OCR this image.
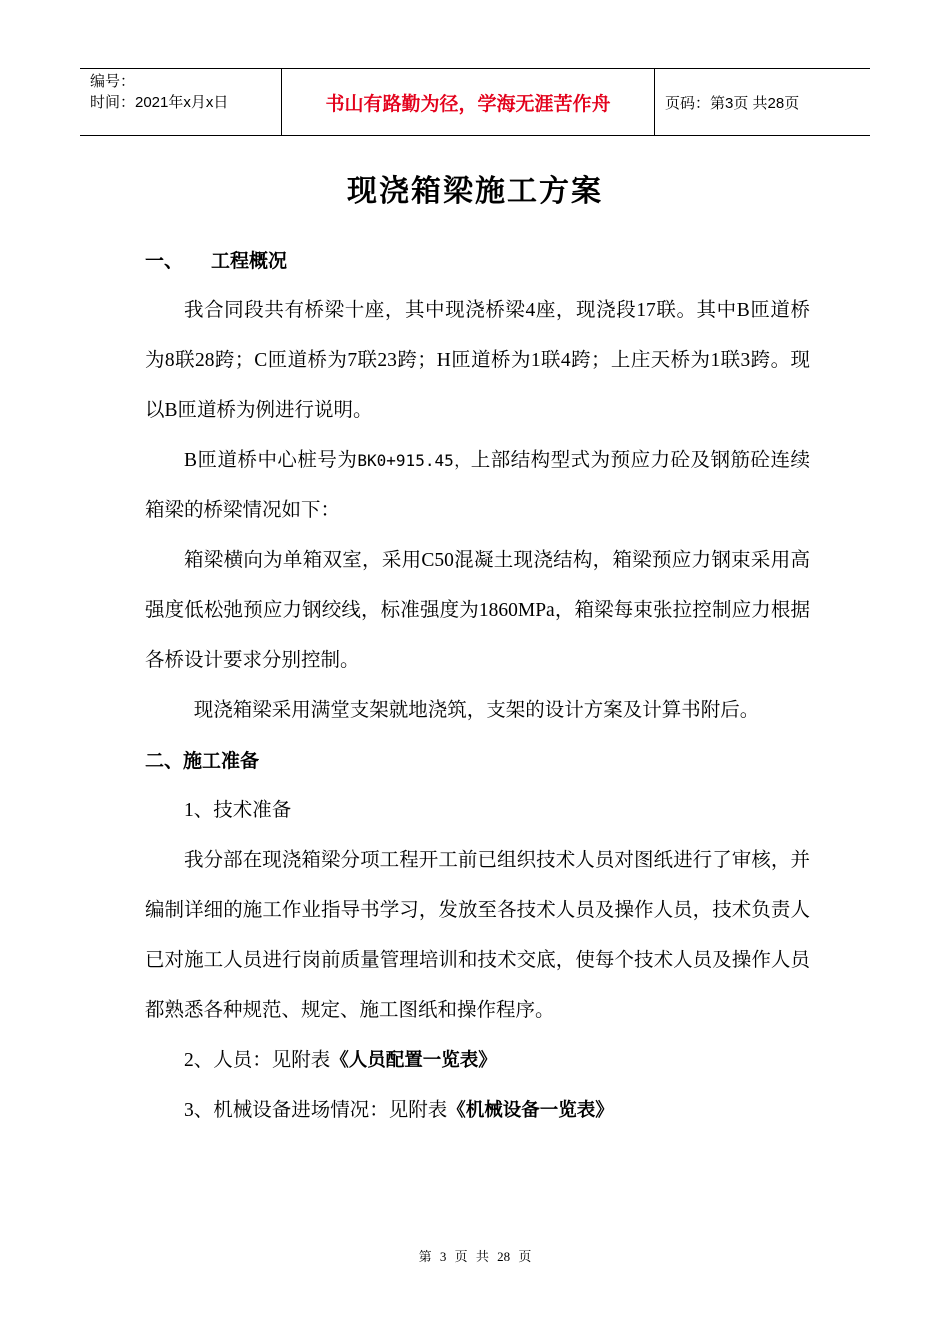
编号：
时间：2021年x月x日	书山有路勤为径，学海无涯苦作舟	页码：第3页 共28页
现浇箱梁施工方案

一、 工程概况

我合同段共有桥梁十座，其中现浇桥梁4座，现浇段17联。其中B匝道桥为8联28跨；C匝道桥为7联23跨；H匝道桥为1联4跨；上庄天桥为1联3跨。现以B匝道桥为例进行说明。

B匝道桥中心桩号为BK0+915.45，上部结构型式为预应力砼及钢筋砼连续箱梁的桥梁情况如下：

箱梁横向为单箱双室，采用C50混凝土现浇结构，箱梁预应力钢束采用高强度低松弛预应力钢绞线，标准强度为1860MPa，箱梁每束张拉控制应力根据各桥设计要求分别控制。

现浇箱梁采用满堂支架就地浇筑，支架的设计方案及计算书附后。

二、施工准备

1、技术准备

我分部在现浇箱梁分项工程开工前已组织技术人员对图纸进行了审核，并编制详细的施工作业指导书学习，发放至各技术人员及操作人员，技术负责人已对施工人员进行岗前质量管理培训和技术交底，使每个技术人员及操作人员都熟悉各种规范、规定、施工图纸和操作程序。

2、人员：见附表《人员配置一览表》

3、机械设备进场情况：见附表《机械设备一览表》

第 3 页 共 28 页
